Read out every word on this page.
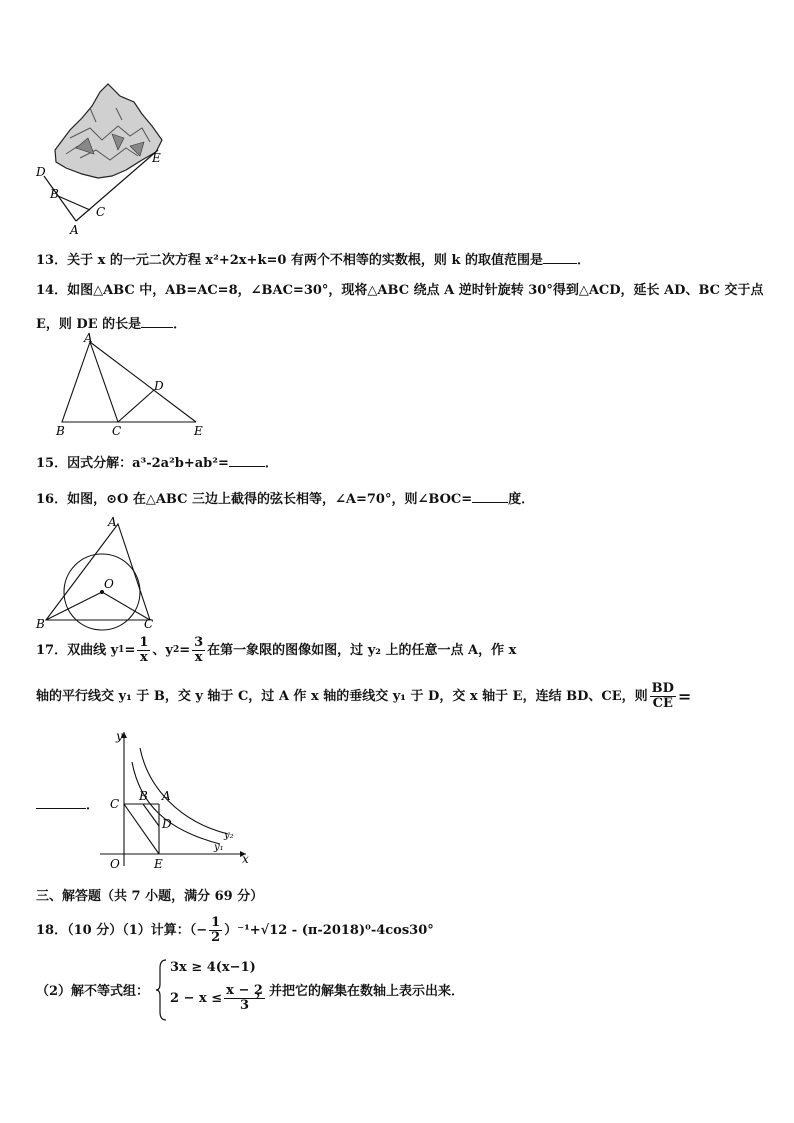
D
B
C
A
E
13．关于 x 的一元二次方程 x²+2x+k=0 有两个不相等的实数根，则 k 的取值范围是	．
14．如图△ABC 中，AB=AC=8，∠BAC=30°，现将△ABC 绕点 A 逆时针旋转 30°得到△ACD，延长 AD、BC 交于点
E，则 DE 的长是 ．
A
B	C
D
E
15．因式分解：a³-2a²b+ab²=	．
16．如图，⊙O 在△ABC 三边上截得的弦长相等，∠A=70°，则∠BOC=	度．
A
O
B	C
17．双曲线 y $1 = \frac{1}{x}$ 、y $2 = \frac{3}{x}$ 在第一象限的图像如图，过 y₂ 上的任意一点 A，作 x
轴的平行线交 y₁ 于 B，交 y 轴于 C，过 A 作 x 轴的垂线交 y₁ 于 D，交 x 轴于 E，连结 BD、CE，则 $\frac{BD}{CE}$ =
．
y
x
O
C
B A
D
E
y₂
y₁
三、解答题（共 7 小题，满分 69 分）
18．（10 分）（1）计算：（− $\frac{1}{2} )^{-1}+√12 - (\pi-2018)^0-4\cos 30^\circ$
（2）解不等式组：
3x ≥ 4(x−1)
$2 - x \le \frac{x - 2}{3}$
，并把它的解集在数轴上表示出来．
